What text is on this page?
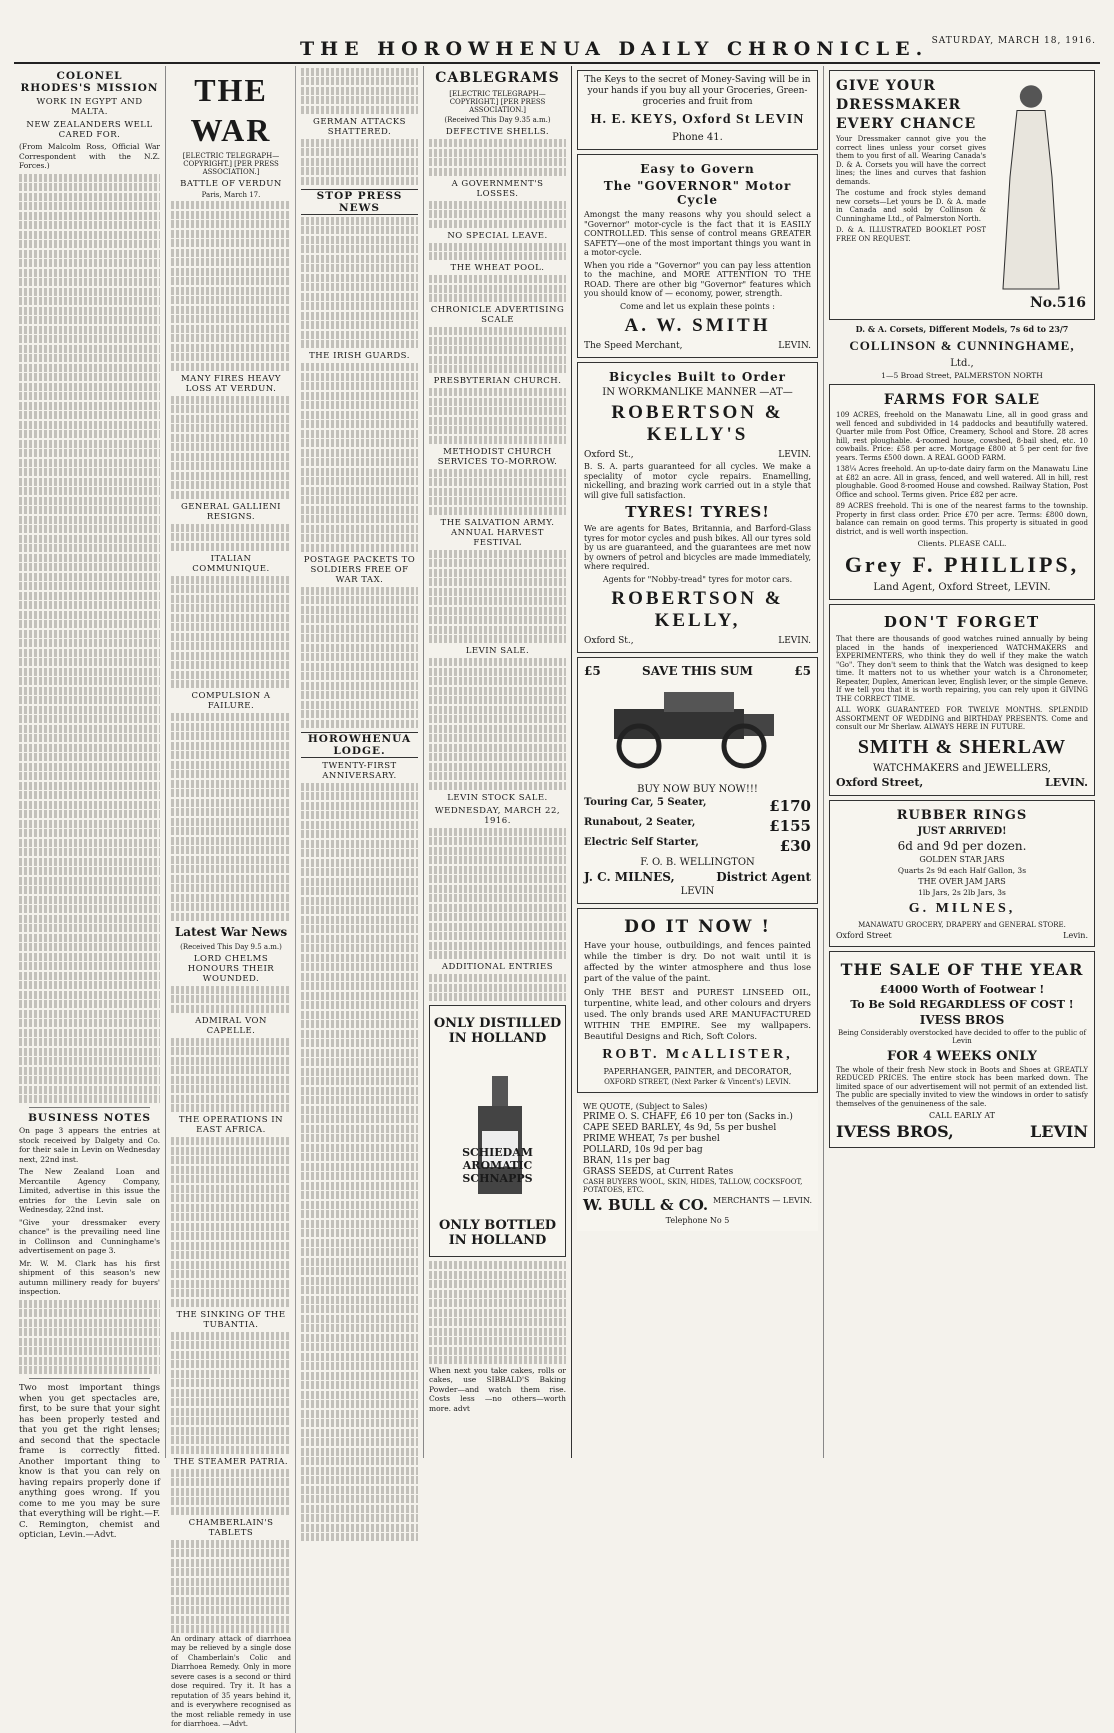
THE HOROWHENUA DAILY CHRONICLE. SATURDAY, MARCH 18, 1916.
COLONEL RHODES'S MISSION
WORK IN EGYPT AND MALTA.
NEW ZEALANDERS WELL CARED FOR.

(From Malcolm Ross, Official War Correspondent with the N.Z. Forces.)

BUSINESS NOTES

On page 3 appears the entries at stock received by Dalgety and Co. for their sale in Levin on Wednesday next, 22nd inst.

The New Zealand Loan and Mercantile Agency Company, Limited, advertise in this issue the entries for the Levin sale on Wednesday, 22nd inst.

"Give your dressmaker every chance" is the prevailing need line in Collinson and Cunninghame's advertisement on page 3.

Mr. W. M. Clark has his first shipment of this season's new autumn millinery ready for buyers' inspection.

Two most important things when you get spectacles are, first, to be sure that your sight has been properly tested and that you get the right lenses; and second that the spectacle frame is correctly fitted. Another important thing to know is that you can rely on having repairs properly done if anything goes wrong. If you come to me you may be sure that everything will be right.—F. C. Remington, chemist and optician, Levin.—Advt.

THE WAR
[ELECTRIC TELEGRAPH—COPYRIGHT.] [PER PRESS ASSOCIATION.]
BATTLE OF VERDUN
Paris, March 17.
MANY FIRES HEAVY LOSS AT VERDUN.
GENERAL GALLIENI RESIGNS.
ITALIAN COMMUNIQUE.
COMPULSION A FAILURE.
Latest War News
(Received This Day 9.5 a.m.)
LORD CHELMS HONOURS THEIR WOUNDED.
ADMIRAL VON CAPELLE.
THE OPERATIONS IN EAST AFRICA.
THE SINKING OF THE TUBANTIA.
THE STEAMER PATRIA.
CHAMBERLAIN'S TABLETS

An ordinary attack of diarrhoea may be relieved by a single dose of Chamberlain's Colic and Diarrhoea Remedy. Only in more severe cases is a second or third dose required. Try it. It has a reputation of 35 years behind it, and is everywhere recognised as the most reliable remedy in use for diarrhoea. —Advt.

GERMAN ATTACKS SHATTERED.
STOP PRESS NEWS
THE IRISH GUARDS.
POSTAGE PACKETS TO SOLDIERS FREE OF WAR TAX.
HOROWHENUA LODGE.
TWENTY-FIRST ANNIVERSARY.
CABLEGRAMS
[ELECTRIC TELEGRAPH—COPYRIGHT.] [PER PRESS ASSOCIATION.]
(Received This Day 9.35 a.m.)
DEFECTIVE SHELLS.
A GOVERNMENT'S LOSSES.
NO SPECIAL LEAVE.
THE WHEAT POOL.
CHRONICLE ADVERTISING SCALE
PRESBYTERIAN CHURCH.
METHODIST CHURCH SERVICES TO-MORROW.
THE SALVATION ARMY. ANNUAL HARVEST FESTIVAL
LEVIN SALE.
LEVIN STOCK SALE.
WEDNESDAY, MARCH 22, 1916.
ADDITIONAL ENTRIES
ONLY DISTILLED IN HOLLAND
SCHIEDAM AROMATIC SCHNAPPS
ONLY BOTTLED IN HOLLAND

When next you take cakes, rolls or cakes, use SIBBALD'S Baking Powder—and watch them rise. Costs less —no others—worth more. advt

The Keys to the secret of Money-Saving will be in your hands if you buy all your Groceries, Green-groceries and fruit from

H. E. KEYS, Oxford St LEVIN
Phone 41.
Easy to Govern
The "GOVERNOR" Motor Cycle

Amongst the many reasons why you should select a "Governor" motor-cycle is the fact that it is EASILY CONTROLLED. This sense of control means GREATER SAFETY—one of the most important things you want in a motor-cycle.

When you ride a "Governor" you can pay less attention to the machine, and MORE ATTENTION TO THE ROAD. There are other big "Governor" features which you should know of — economy, power, strength.

Come and let us explain these points :

A. W. SMITH
The Speed Merchant,	LEVIN.
Bicycles Built to Order
IN WORKMANLIKE MANNER —AT—
ROBERTSON & KELLY'S
Oxford St.,	LEVIN.

B. S. A. parts guaranteed for all cycles. We make a speciality of motor cycle repairs. Enamelling, nickelling, and brazing work carried out in a style that will give full satisfaction.

TYRES! TYRES!

We are agents for Bates, Britannia, and Barford-Glass tyres for motor cycles and push bikes. All our tyres sold by us are guaranteed, and the guarantees are met now by owners of petrol and bicycles are made immediately, where required.

Agents for "Nobby-tread" tyres for motor cars.

ROBERTSON & KELLY,
Oxford St.,	LEVIN.
£5	SAVE THIS SUM	£5
BUY NOW BUY NOW!!!
Touring Car, 5 Seater,	£170
Runabout, 2 Seater,	£155
Electric Self Starter,	£30
F. O. B. WELLINGTON
J. C. MILNES,	District Agent
LEVIN
DO IT NOW !

Have your house, outbuildings, and fences painted while the timber is dry. Do not wait until it is affected by the winter atmosphere and thus lose part of the value of the paint.

Only THE BEST and PUREST LINSEED OIL, turpentine, white lead, and other colours and dryers used. The only brands used ARE MANUFACTURED WITHIN THE EMPIRE. See my wallpapers. Beautiful Designs and Rich, Soft Colors.

ROBT. McALLISTER,
PAPERHANGER, PAINTER, and DECORATOR,
OXFORD STREET, (Next Parker & Vincent's) LEVIN.
WE QUOTE, (Subject to Sales)
PRIME O. S. CHAFF, £6 10 per ton (Sacks in.)
CAPE SEED BARLEY, 4s 9d, 5s per bushel
PRIME WHEAT, 7s per bushel
POLLARD, 10s 9d per bag
BRAN, 11s per bag
GRASS SEEDS, at Current Rates
CASH BUYERS WOOL, SKIN, HIDES, TALLOW, COCKSFOOT, POTATOES, ETC.
W. BULL & CO. MERCHANTS — LEVIN.
Telephone No 5
GIVE YOUR
DRESSMAKER
EVERY CHANCE

Your Dressmaker cannot give you the correct lines unless your corset gives them to you first of all. Wearing Canada's D. & A. Corsets you will have the correct lines; the lines and curves that fashion demands.

The costume and frock styles demand new corsets—Let yours be D. & A. made in Canada and sold by Collinson & Cunninghame Ltd., of Palmerston North.

D. & A. ILLUSTRATED BOOKLET POST FREE ON REQUEST.

No.516
D. & A. Corsets, Different Models, 7s 6d to 23/7
COLLINSON & CUNNINGHAME,
Ltd.,
1—5 Broad Street, PALMERSTON NORTH
FARMS FOR SALE

109 ACRES, freehold on the Manawatu Line, all in good grass and well fenced and subdivided in 14 paddocks and beautifully watered. Quarter mile from Post Office, Creamery, School and Store. 28 acres hill, rest ploughable. 4-roomed house, cowshed, 8-bail shed, etc. 10 cowbails. Price: £58 per acre. Mortgage £800 at 5 per cent for five years. Terms £500 down. A REAL GOOD FARM.

138¼ Acres freehold. An up-to-date dairy farm on the Manawatu Line at £82 an acre. All in grass, fenced, and well watered. All in hill, rest ploughable. Good 8-roomed House and cowshed. Railway Station, Post Office and school. Terms given. Price £82 per acre.

89 ACRES freehold. Thi is one of the nearest farms to the township. Property in first class order. Price £70 per acre. Terms: £800 down, balance can remain on good terms. This property is situated in good district, and is well worth inspection.

Clients. PLEASE CALL.
Grey F. PHILLIPS,
Land Agent, Oxford Street, LEVIN.
DON'T FORGET

That there are thousands of good watches ruined annually by being placed in the hands of inexperienced WATCHMAKERS and EXPERIMENTERS, who think they do well if they make the watch "Go". They don't seem to think that the Watch was designed to keep time. It matters not to us whether your watch is a Chronometer, Repeater, Duplex, American lever, English lever, or the simple Geneve. If we tell you that it is worth repairing, you can rely upon it GIVING THE CORRECT TIME.

ALL WORK GUARANTEED FOR TWELVE MONTHS. SPLENDID ASSORTMENT OF WEDDING and BIRTHDAY PRESENTS. Come and consult our Mr Sherlaw. ALWAYS HERE IN FUTURE.

SMITH & SHERLAW
WATCHMAKERS and JEWELLERS,
Oxford Street,	LEVIN.
RUBBER RINGS
JUST ARRIVED!
6d and 9d per dozen.
GOLDEN STAR JARS
Quarts 2s 9d each Half Gallon, 3s
THE OVER JAM JARS
1lb Jars, 2s 2lb Jars, 3s
G. MILNES,
MANAWATU GROCERY, DRAPERY and GENERAL STORE.
Oxford Street	Levin.
THE SALE OF THE YEAR
£4000 Worth of Footwear !
To Be Sold REGARDLESS OF COST !
IVESS BROS

Being Considerably overstocked have decided to offer to the public of Levin

FOR 4 WEEKS ONLY

The whole of their fresh New stock in Boots and Shoes at GREATLY REDUCED PRICES. The entire stock has been marked down. The limited space of our advertisement will not permit of an extended list. The public are specially invited to view the windows in order to satisfy themselves of the genuineness of the sale.

CALL EARLY AT
IVESS BROS,	LEVIN
